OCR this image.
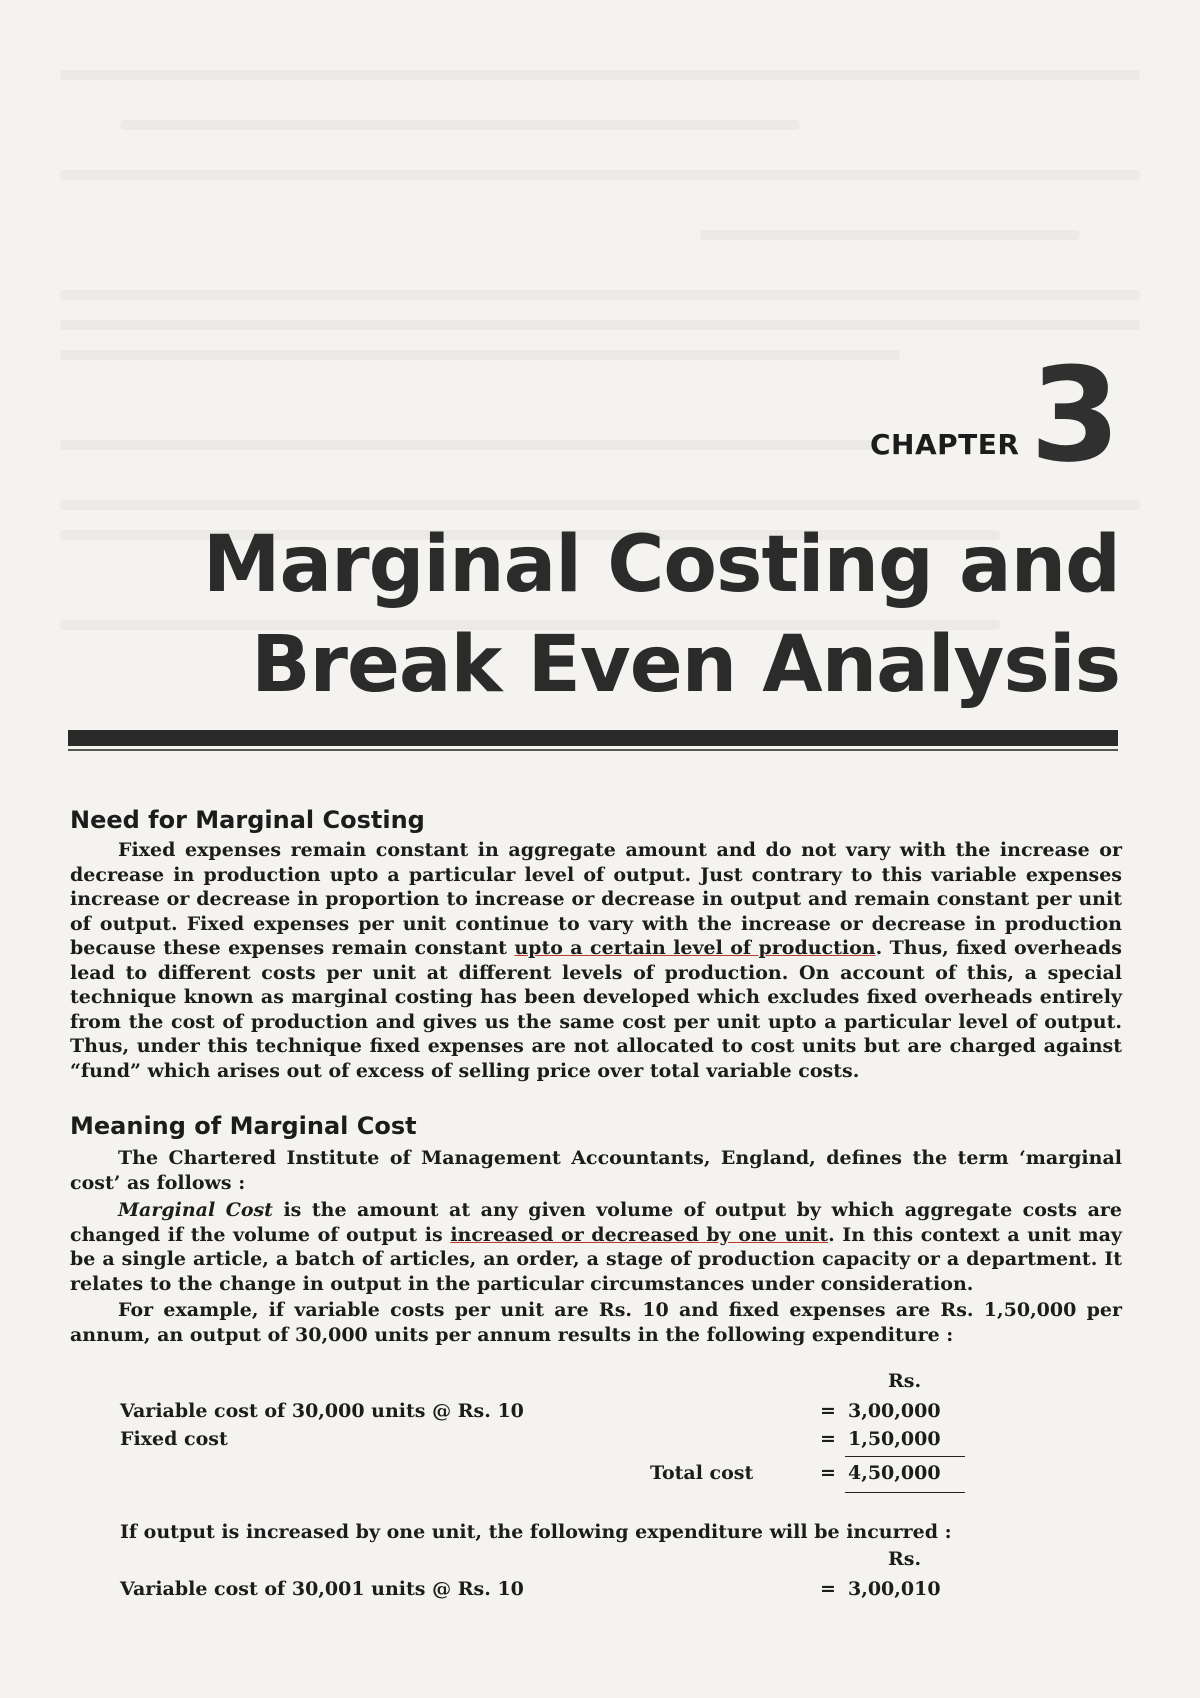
CHAPTER 3
Marginal Costing and
Break Even Analysis
Need for Marginal Costing
Fixed expenses remain constant in aggregate amount and do not vary with the increase or decrease in production upto a particular level of output. Just contrary to this variable expenses increase or decrease in proportion to increase or decrease in output and remain constant per unit of output. Fixed expenses per unit continue to vary with the increase or decrease in production because these expenses remain constant upto a certain level of production. Thus, fixed overheads lead to different costs per unit at different levels of production. On account of this, a special technique known as marginal costing has been developed which excludes fixed overheads entirely from the cost of production and gives us the same cost per unit upto a particular level of output. Thus, under this technique fixed expenses are not allocated to cost units but are charged against “fund” which arises out of excess of selling price over total variable costs.
Meaning of Marginal Cost
The Chartered Institute of Management Accountants, England, defines the term ‘marginal cost’ as follows :
Marginal Cost is the amount at any given volume of output by which aggregate costs are changed if the volume of output is increased or decreased by one unit. In this context a unit may be a single article, a batch of articles, an order, a stage of production capacity or a department. It relates to the change in output in the particular circumstances under consideration.
For example, if variable costs per unit are Rs. 10 and fixed expenses are Rs. 1,50,000 per annum, an output of 30,000 units per annum results in the following expenditure :
Rs.
Variable cost of 30,000 units @ Rs. 10	= 3,00,000
Fixed cost	= 1,50,000
Total cost	= 4,50,000
If output is increased by one unit, the following expenditure will be incurred :
Rs.
Variable cost of 30,001 units @ Rs. 10	= 3,00,010
